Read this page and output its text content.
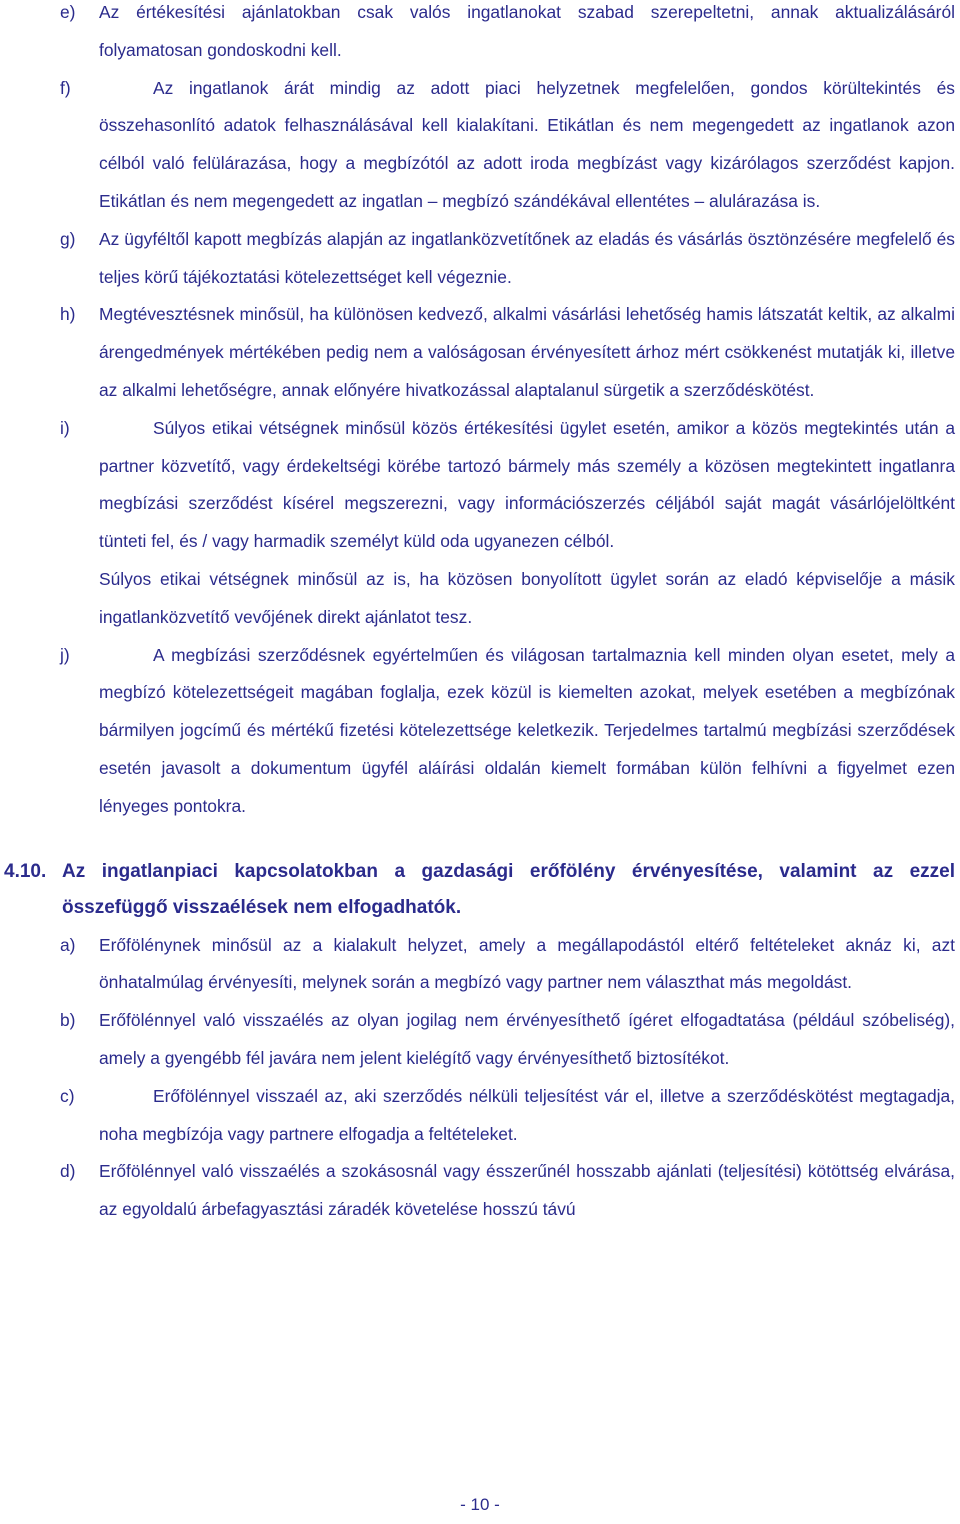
e) Az értékesítési ajánlatokban csak valós ingatlanokat szabad szerepeltetni, annak aktualizálásáról folyamatosan gondoskodni kell.
f)	Az ingatlanok árát mindig az adott piaci helyzetnek megfelelően, gondos körültekintés és összehasonlító adatok felhasználásával kell kialakítani. Etikátlan és nem megengedett az ingatlanok azon célból való felülárazása, hogy a megbízótól az adott iroda megbízást vagy kizárólagos szerződést kapjon. Etikátlan és nem megengedett az ingatlan – megbízó szándékával ellentétes – alulárazása is.
g) Az ügyféltől kapott megbízás alapján az ingatlanközvetítőnek az eladás és vásárlás ösztönzésére megfelelő és teljes körű tájékoztatási kötelezettséget kell végeznie.
h) Megtévesztésnek minősül, ha különösen kedvező, alkalmi vásárlási lehetőség hamis látszatát keltik, az alkalmi árengedmények mértékében pedig nem a valóságosan érvényesített árhoz mért csökkenést mutatják ki, illetve az alkalmi lehetőségre, annak előnyére hivatkozással alaptalanul sürgetik a szerződéskötést.
i)	Súlyos etikai vétségnek minősül közös értékesítési ügylet esetén, amikor a közös megtekintés után a partner közvetítő, vagy érdekeltségi körébe tartozó bármely más személy a közösen megtekintett ingatlanra megbízási szerződést kísérel megszerezni, vagy információszerzés céljából saját magát vásárlójelöltként tünteti fel, és / vagy harmadik személyt küld oda ugyanezen célból.
Súlyos etikai vétségnek minősül az is, ha közösen bonyolított ügylet során az eladó képviselője a másik ingatlanközvetítő vevőjének direkt ajánlatot tesz.
j)	A megbízási szerződésnek egyértelműen és világosan tartalmaznia kell minden olyan esetet, mely a megbízó kötelezettségeit magában foglalja, ezek közül is kiemelten azokat, melyek esetében a megbízónak bármilyen jogcímű és mértékű fizetési kötelezettsége keletkezik. Terjedelmes tartalmú megbízási szerződések esetén javasolt a dokumentum ügyfél aláírási oldalán kiemelt formában külön felhívni a figyelmet ezen lényeges pontokra.
4.10. Az ingatlanpiaci kapcsolatokban a gazdasági erőfölény érvényesítése, valamint az ezzel összefüggő visszaélések nem elfogadhatók.
a) Erőfölénynek minősül az a kialakult helyzet, amely a megállapodástól eltérő feltételeket aknáz ki, azt önhatalmúlag érvényesíti, melynek során a megbízó vagy partner nem választhat más megoldást.
b) Erőfölénnyel való visszaélés az olyan jogilag nem érvényesíthető ígéret elfogadtatása (például szóbeliség), amely a gyengébb fél javára nem jelent kielégítő vagy érvényesíthető biztosítékot.
c)	Erőfölénnyel visszaél az, aki szerződés nélküli teljesítést vár el, illetve a szerződéskötést megtagadja, noha megbízója vagy partnere elfogadja a feltételeket.
d) Erőfölénnyel való visszaélés a szokásosnál vagy ésszerűnél hosszabb ajánlati (teljesítési) kötöttség elvárása, az egyoldalú árbefagyasztási záradék követelése hosszú távú
- 10 -
